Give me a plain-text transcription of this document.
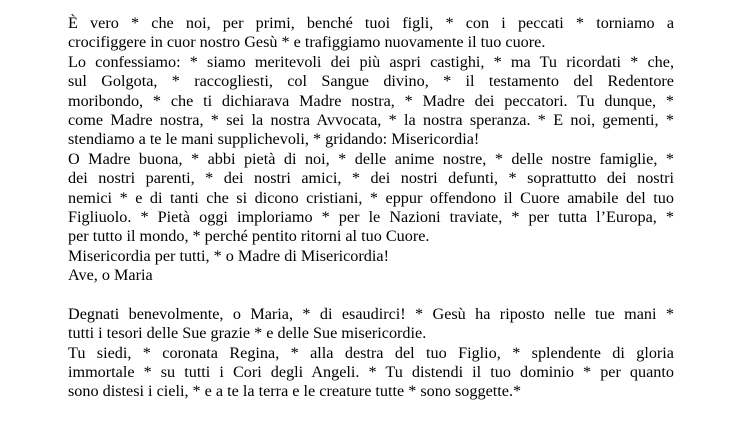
È vero * che noi, per primi, benché tuoi figli, * con i peccati * torniamo a
crocifiggere in cuor nostro Gesù * e trafiggiamo nuovamente il tuo cuore.
Lo confessiamo: * siamo meritevoli dei più aspri castighi, * ma Tu ricordati * che,
sul Golgota, * raccogliesti, col Sangue divino, * il testamento del Redentore
moribondo, * che ti dichiarava Madre nostra, * Madre dei peccatori. Tu dunque, *
come Madre nostra, * sei la nostra Avvocata, * la nostra speranza. * E noi, gementi, *
stendiamo a te le mani supplichevoli, * gridando: Misericordia!
O Madre buona, * abbi pietà di noi, * delle anime nostre, * delle nostre famiglie, *
dei nostri parenti, * dei nostri amici, * dei nostri defunti, * soprattutto dei nostri
nemici * e di tanti che si dicono cristiani, * eppur offendono il Cuore amabile del tuo
Figliuolo. * Pietà oggi imploriamo * per le Nazioni traviate, * per tutta l’Europa, *
per tutto il mondo, * perché pentito ritorni al tuo Cuore.
Misericordia per tutti, * o Madre di Misericordia!
Ave, o Maria
Degnati benevolmente, o Maria, * di esaudirci! * Gesù ha riposto nelle tue mani *
tutti i tesori delle Sue grazie * e delle Sue misericordie.
Tu siedi, * coronata Regina, * alla destra del tuo Figlio, * splendente di gloria
immortale * su tutti i Cori degli Angeli. * Tu distendi il tuo dominio * per quanto
sono distesi i cieli, * e a te la terra e le creature tutte * sono soggette.*
